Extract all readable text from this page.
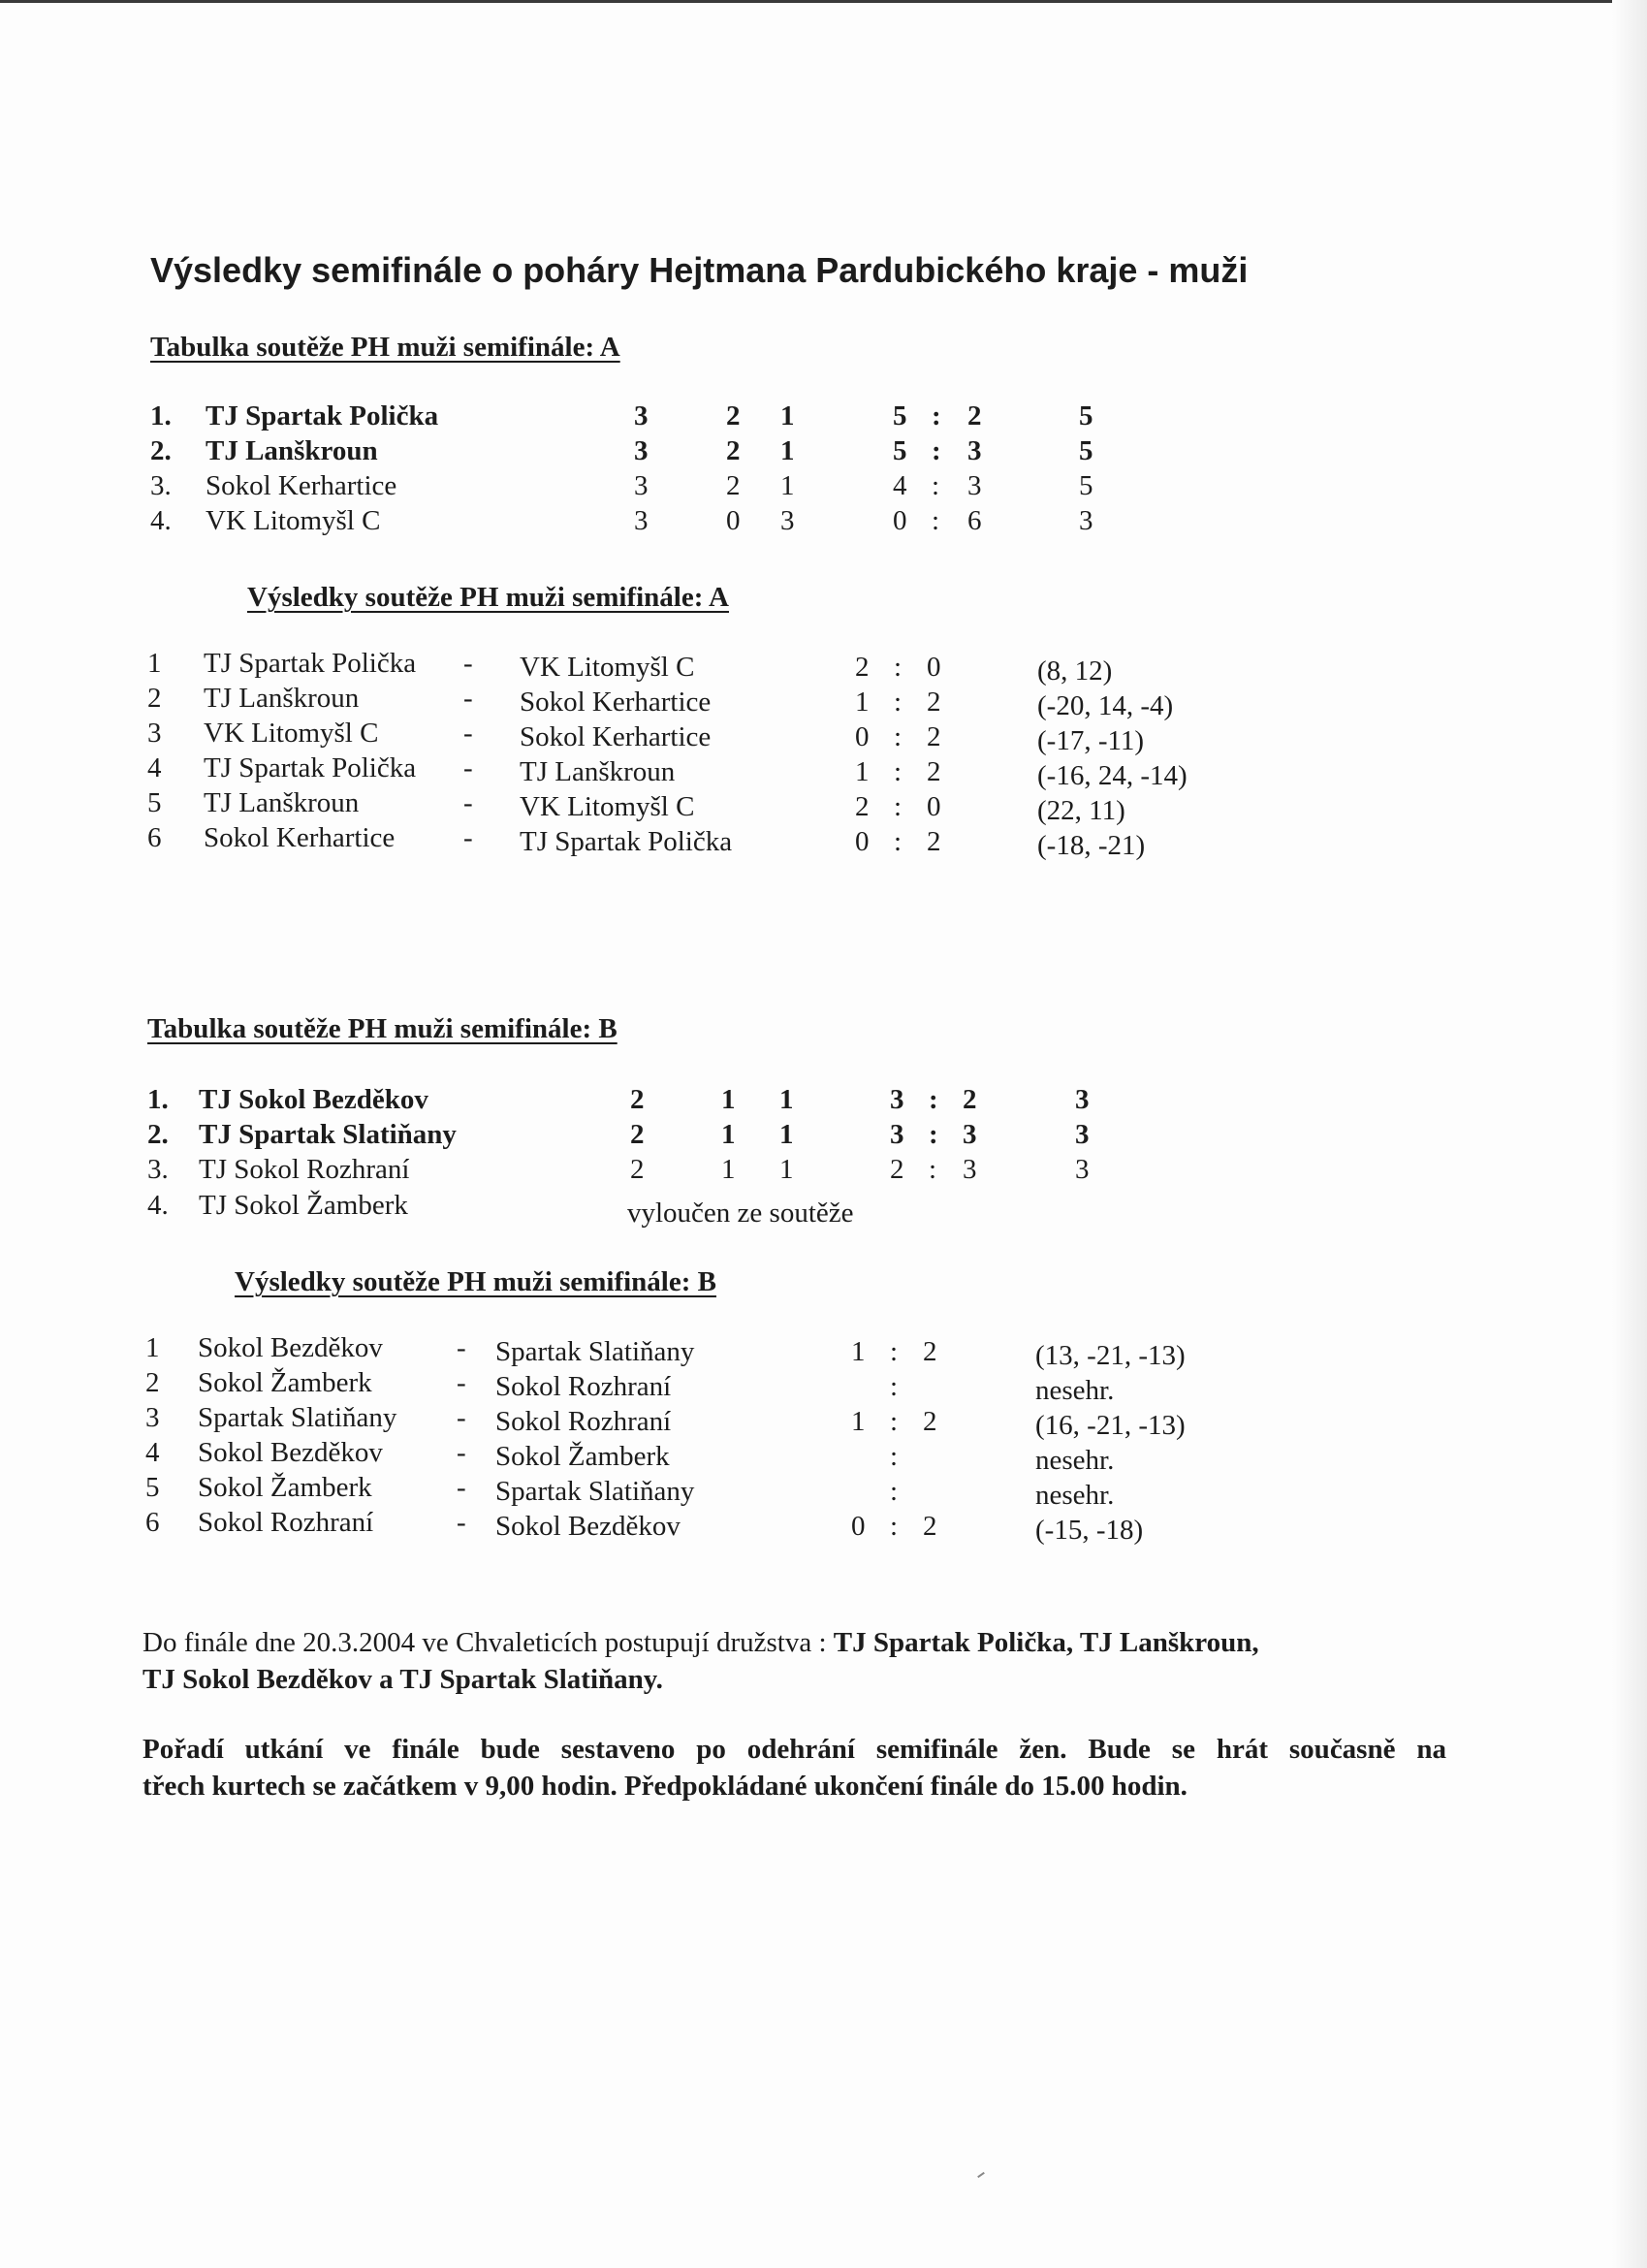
Výsledky semifinále o poháry Hejtmana Pardubického kraje - muži
Tabulka soutěže PH muži semifinále: A
1. TJ Spartak Polička	3	2 1	5 : 2	5
2. TJ Lanškroun	3	2 1	5 : 3	5
3. Sokol Kerhartice	3	2 1	4 : 3	5
4. VK Litomyšl C	3	0 3	0 : 6	3
Výsledky soutěže PH muži semifinále: A
1 TJ Spartak Polička - VK Litomyšl C	2 : 0	(8, 12)
2 TJ Lanškroun	- Sokol Kerhartice	1 : 2	(-20, 14, -4)
3 VK Litomyšl C	- Sokol Kerhartice	0 : 2	(-17, -11)
4 TJ Spartak Polička - TJ Lanškroun	1 : 2	(-16, 24, -14)
5 TJ Lanškroun	- VK Litomyšl C	2 : 0	(22, 11)
6 Sokol Kerhartice - TJ Spartak Polička	0 : 2	(-18, -21)
Tabulka soutěže PH muži semifinále: B
1. TJ Sokol Bezděkov	2	1 1	3 : 2	3
2. TJ Spartak Slatiňany	2	1 1	3 : 3	3
3. TJ Sokol Rozhraní	2	1 1	2 : 3	3
4. TJ Sokol Žamberk	vyloučen ze soutěže
Výsledky soutěže PH muži semifinále: B
1 Sokol Bezděkov	- Spartak Slatiňany	1 : 2	(13, -21, -13)
2 Sokol Žamberk	- Sokol Rozhraní	:	nesehr.
3 Spartak Slatiňany - Sokol Rozhraní	1 : 2	(16, -21, -13)
4 Sokol Bezděkov	- Sokol Žamberk	:	nesehr.
5 Sokol Žamberk	- Spartak Slatiňany	:	nesehr.
6 Sokol Rozhraní	- Sokol Bezděkov	0 : 2	(-15, -18)
Do finále dne 20.3.2004 ve Chvaleticích postupují družstva : TJ Spartak Polička, TJ Lanškroun,
TJ Sokol Bezděkov a TJ Spartak Slatiňany.
Pořadí utkání ve finále bude sestaveno po odehrání semifinále žen. Bude se hrát současně na
třech kurtech se začátkem v 9,00 hodin. Předpokládané ukončení finále do 15.00 hodin.
